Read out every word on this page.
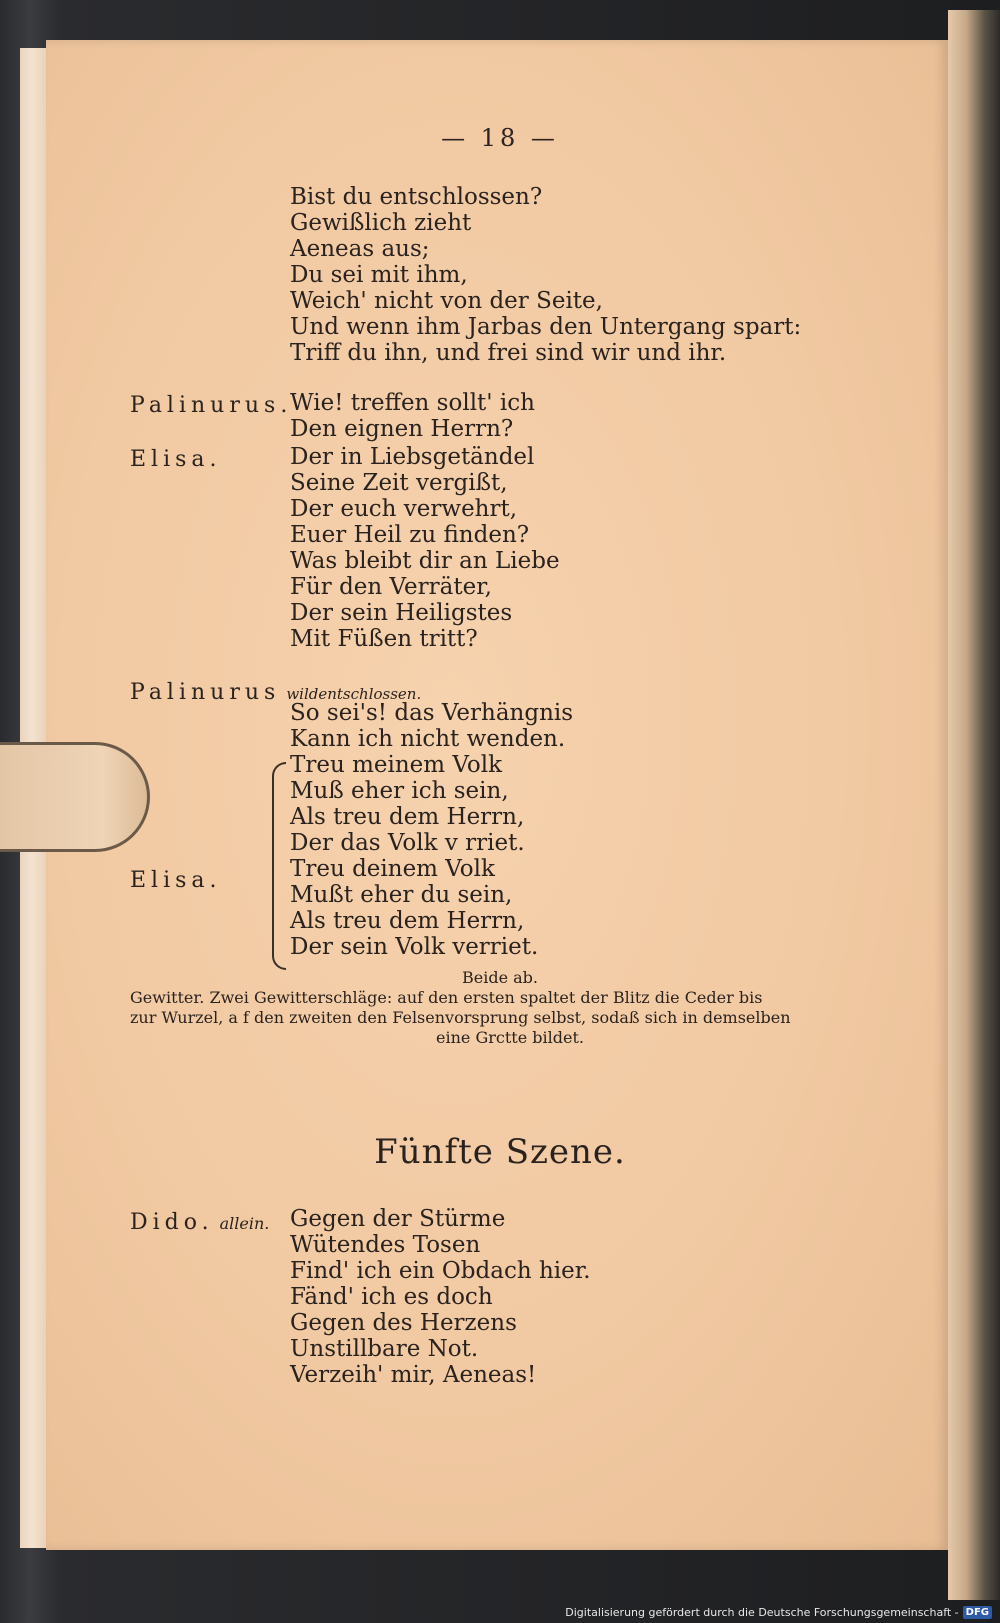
— 18 —
Bist du entschlossen?
Gewißlich zieht
Aeneas aus;
Du sei mit ihm,
Weich' nicht von der Seite,
Und wenn ihm Jarbas den Untergang spart:
Triff du ihn, und frei sind wir und ihr.
Palinurus.
Wie! treffen sollt' ich
Den eignen Herrn?
Elisa.	Der in Liebsgetändel
Seine Zeit vergißt,
Der euch verwehrt,
Euer Heil zu finden?
Was bleibt dir an Liebe
Für den Verräter,
Der sein Heiligstes
Mit Füßen tritt?
Palinurus wildentschlossen.
So sei's! das Verhängnis
Kann ich nicht wenden.
Treu meinem Volk
Muß eher ich sein,
Als treu dem Herrn,
Der das Volk v rriet.
Treu deinem Volk
Mußt eher du sein,
Als treu dem Herrn,
Der sein Volk verriet.
Elisa.
Beide ab.
Gewitter. Zwei Gewitterschläge: auf den ersten spaltet der Blitz die Ceder bis
zur Wurzel, a f den zweiten den Felsenvorsprung selbst, sodaß sich in demselben
eine Grctte bildet.
Fünfte Szene.
Dido. allein. Gegen der Stürme
Wütendes Tosen
Find' ich ein Obdach hier.
Fänd' ich es doch
Gegen des Herzens
Unstillbare Not.
Verzeih' mir, Aeneas!
Digitalisierung gefördert durch die Deutsche Forschungsgemeinschaft - DFG
